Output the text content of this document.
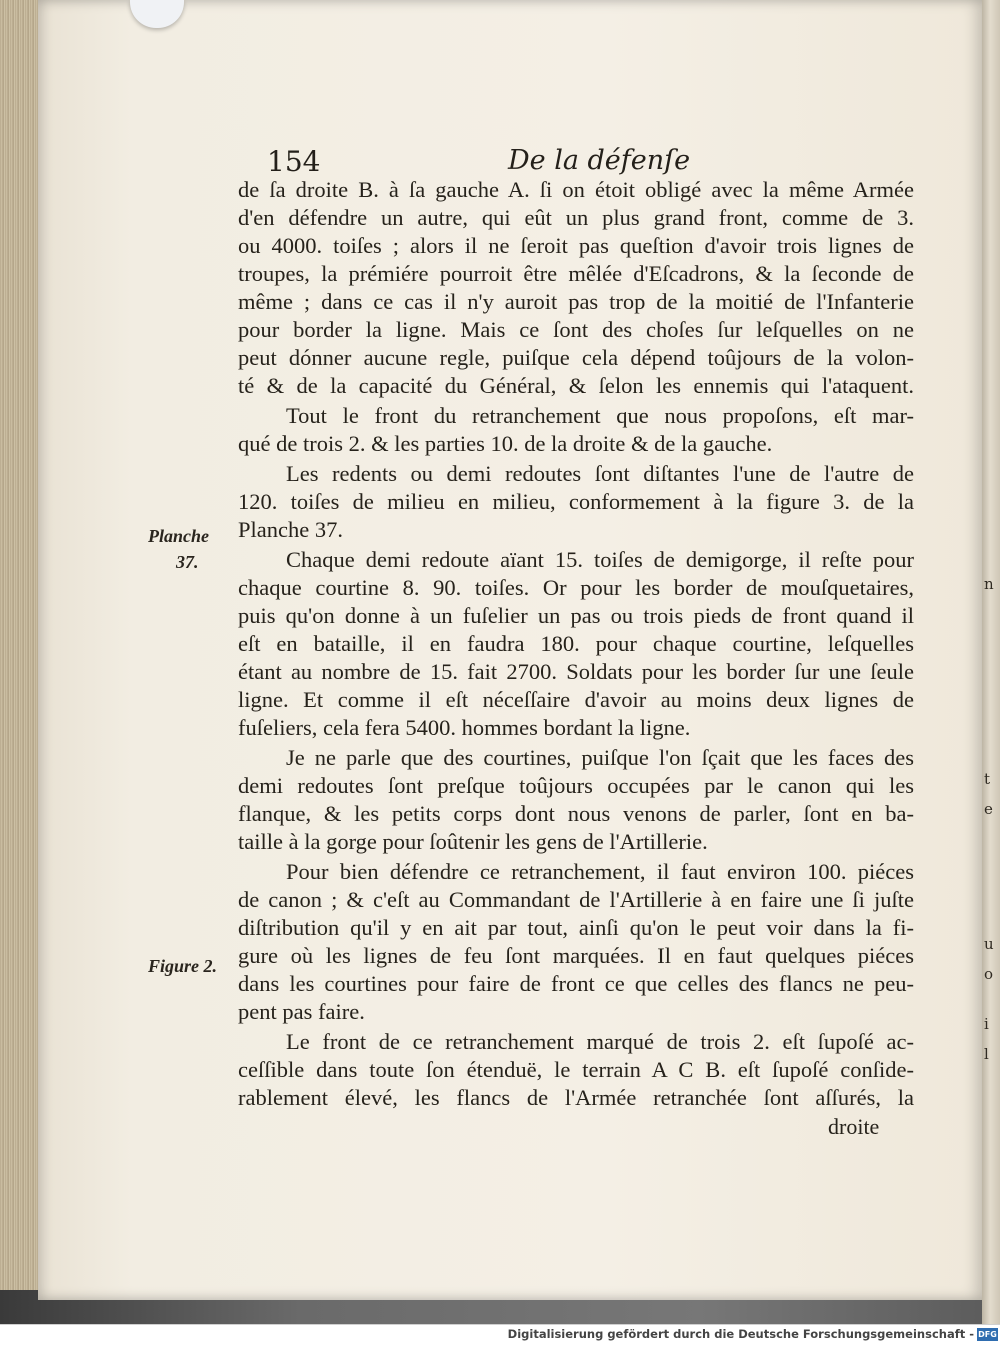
154	De la défenſe
de ſa droite B. à ſa gauche A. ſi on étoit obligé avec la même Armée
d'en défendre un autre, qui eût un plus grand front, comme de 3.
ou 4000. toiſes ; alors il ne ſeroit pas queſtion d'avoir trois lignes de
troupes, la prémiére pourroit être mêlée d'Eſcadrons, & la ſeconde de
même ; dans ce cas il n'y auroit pas trop de la moitié de l'Infanterie
pour border la ligne. Mais ce ſont des choſes ſur leſquelles on ne
peut dónner aucune regle, puiſque cela dépend toûjours de la volon-
té & de la capacité du Général, & ſelon les ennemis qui l'ataquent.
Tout le front du retranchement que nous propoſons, eſt mar-
qué de trois 2. & les parties 10. de la droite & de la gauche.
Les redents ou demi redoutes ſont diſtantes l'une de l'autre de
120. toiſes de milieu en milieu, conformement à la figure 3. de la
Planche 37.
Chaque demi redoute aïant 15. toiſes de demigorge, il reſte pour
chaque courtine 8. 90. toiſes. Or pour les border de mouſquetaires,
puis qu'on donne à un fuſelier un pas ou trois pieds de front quand il
eſt en bataille, il en faudra 180. pour chaque courtine, leſquelles
étant au nombre de 15. fait 2700. Soldats pour les border ſur une ſeule
ligne. Et comme il eſt néceſſaire d'avoir au moins deux lignes de
fuſeliers, cela fera 5400. hommes bordant la ligne.
Je ne parle que des courtines, puiſque l'on ſçait que les faces des
demi redoutes ſont preſque toûjours occupées par le canon qui les
flanque, & les petits corps dont nous venons de parler, ſont en ba-
taille à la gorge pour ſoûtenir les gens de l'Artillerie.
Pour bien défendre ce retranchement, il faut environ 100. piéces
de canon ; & c'eſt au Commandant de l'Artillerie à en faire une ſi juſte
diſtribution qu'il y en ait par tout, ainſi qu'on le peut voir dans la fi-
gure où les lignes de feu ſont marquées. Il en faut quelques piéces
dans les courtines pour faire de front ce que celles des flancs ne peu-
pent pas faire.
Le front de ce retranchement marqué de trois 2. eſt ſupoſé ac-
ceſſible dans toute ſon étenduë, le terrain A C B. eſt ſupoſé conſide-
rablement élevé, les flancs de l'Armée retranchée ſont aſſurés, la
droite
Planche
37.
Figure 2.
n
t
e
u
o
i
l
Digitalisierung gefördert durch die Deutsche Forschungsgemeinschaft - DFG
